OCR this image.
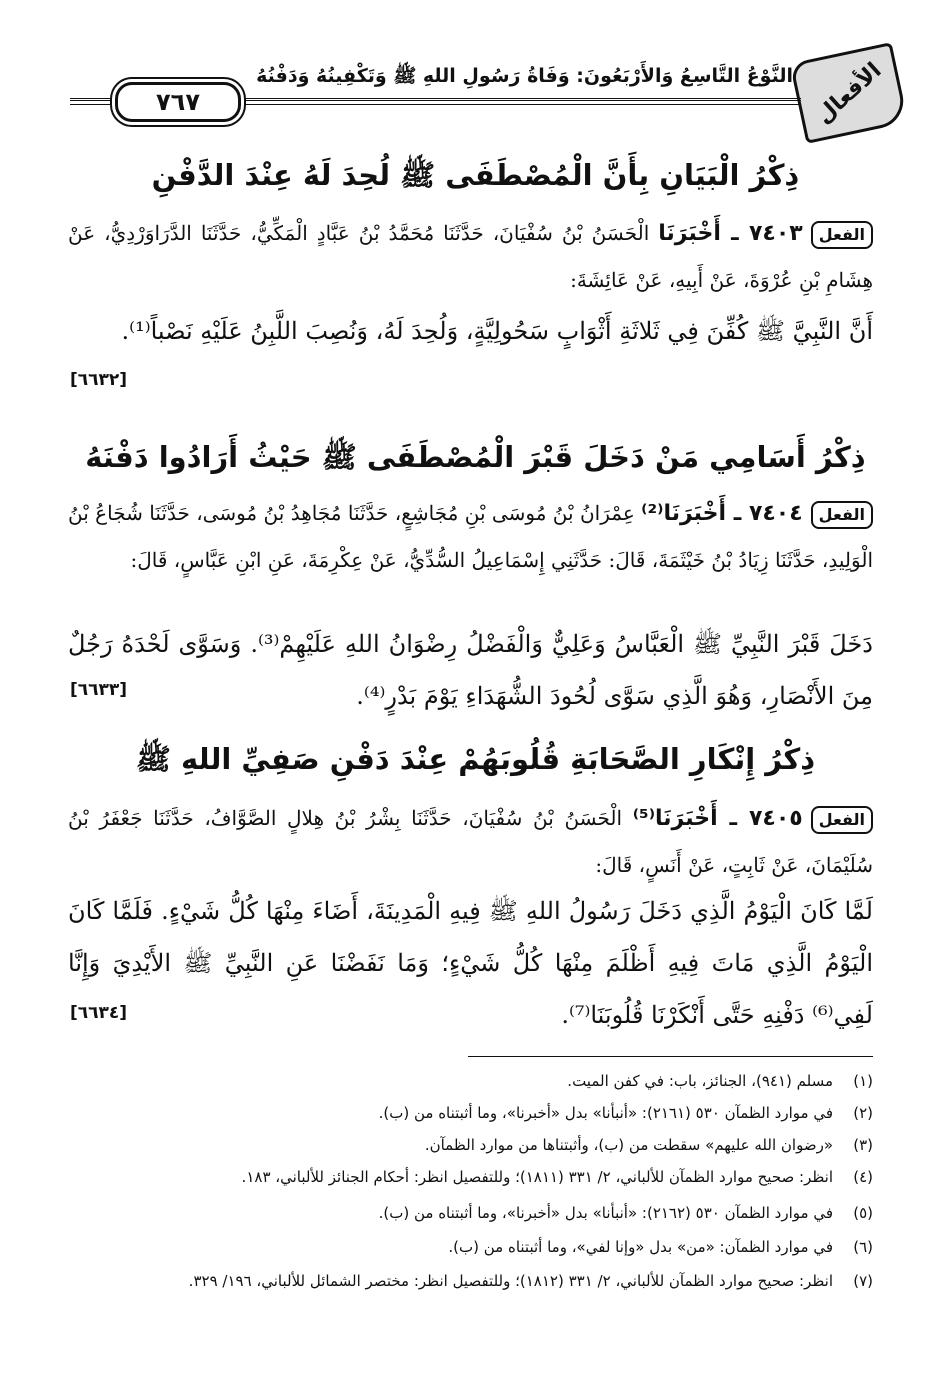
الأفعال
النَّوْعُ التَّاسِعُ وَالأَرْبَعُونَ: وَفَاةُ رَسُولِ اللهِ ﷺ وَتَكْفِينُهُ وَدَفْنُهُ
٧٦٧
ذِكْرُ الْبَيَانِ بِأَنَّ الْمُصْطَفَى ﷺ لُحِدَ لَهُ عِنْدَ الدَّفْنِ
الفعل٧٤٠٣ ـ أَخْبَرَنَا الْحَسَنُ بْنُ سُفْيَانَ، حَدَّثَنَا مُحَمَّدُ بْنُ عَبَّادٍ الْمَكِّيُّ، حَدَّثَنَا الدَّرَاوَرْدِيُّ، عَنْ هِشَامِ بْنِ عُرْوَةَ، عَنْ أَبِيهِ، عَنْ عَائِشَةَ:
أَنَّ النَّبِيَّ ﷺ كُفِّنَ فِي ثَلاثَةِ أَثْوَابٍ سَحُولِيَّةٍ، وَلُحِدَ لَهُ، وَنُصِبَ اللَّبِنُ عَلَيْهِ نَصْباً⁽¹⁾.
[٦٦٣٢]
ذِكْرُ أَسَامِي مَنْ دَخَلَ قَبْرَ الْمُصْطَفَى ﷺ حَيْثُ أَرَادُوا دَفْنَهُ
الفعل٧٤٠٤ ـ أَخْبَرَنَا⁽²⁾ عِمْرَانُ بْنُ مُوسَى بْنِ مُجَاشِعٍ، حَدَّثَنَا مُجَاهِدُ بْنُ مُوسَى، حَدَّثَنَا شُجَاعُ بْنُ الْوَلِيدِ، حَدَّثَنَا زِيَادُ بْنُ خَيْثَمَةَ، قَالَ: حَدَّثَنِي إِسْمَاعِيلُ السُّدِّيُّ، عَنْ عِكْرِمَةَ، عَنِ ابْنِ عَبَّاسٍ، قَالَ:
دَخَلَ قَبْرَ النَّبِيِّ ﷺ الْعَبَّاسُ وَعَلِيٌّ وَالْفَضْلُ رِضْوَانُ اللهِ عَلَيْهِمْ⁽³⁾. وَسَوَّى لَحْدَهُ رَجُلٌ مِنَ الأَنْصَارِ، وَهُوَ الَّذِي سَوَّى لُحُودَ الشُّهَدَاءِ يَوْمَ بَدْرٍ⁽⁴⁾.
[٦٦٣٣]
ذِكْرُ إِنْكَارِ الصَّحَابَةِ قُلُوبَهُمْ عِنْدَ دَفْنِ صَفِيِّ اللهِ ﷺ
الفعل٧٤٠٥ ـ أَخْبَرَنَا⁽⁵⁾ الْحَسَنُ بْنُ سُفْيَانَ، حَدَّثَنَا بِشْرُ بْنُ هِلالٍ الصَّوَّافُ، حَدَّثَنَا جَعْفَرُ بْنُ سُلَيْمَانَ، عَنْ ثَابِتٍ، عَنْ أَنَسٍ، قَالَ:
لَمَّا كَانَ الْيَوْمُ الَّذِي دَخَلَ رَسُولُ اللهِ ﷺ فِيهِ الْمَدِينَةَ، أَضَاءَ مِنْهَا كُلُّ شَيْءٍ. فَلَمَّا كَانَ الْيَوْمُ الَّذِي مَاتَ فِيهِ أَظْلَمَ مِنْهَا كُلُّ شَيْءٍ؛ وَمَا نَفَضْنَا عَنِ النَّبِيِّ ﷺ الأَيْدِيَ وَإِنَّا لَفِي⁽⁶⁾ دَفْنِهِ حَتَّى أَنْكَرْنَا قُلُوبَنَا⁽⁷⁾.
[٦٦٣٤]
(١)مسلم (٩٤١)، الجنائز، باب: في كفن الميت.
(٢)في موارد الظمآن ٥٣٠ (٢١٦١): «أنبأنا» بدل «أخبرنا»، وما أثبتناه من (ب).
(٣)«رضوان الله عليهم» سقطت من (ب)، وأثبتناها من موارد الظمآن.
(٤)انظر: صحيح موارد الظمآن للألباني، ٢/ ٣٣١ (١٨١١)؛ وللتفصيل انظر: أحكام الجنائز للألباني، ١٨٣.
(٥)في موارد الظمآن ٥٣٠ (٢١٦٢): «أنبأنا» بدل «أخبرنا»، وما أثبتناه من (ب).
(٦)في موارد الظمآن: «من» بدل «وإنا لفي»، وما أثبتناه من (ب).
(٧)انظر: صحيح موارد الظمآن للألباني، ٢/ ٣٣١ (١٨١٢)؛ وللتفصيل انظر: مختصر الشمائل للألباني، ١٩٦/ ٣٢٩.
